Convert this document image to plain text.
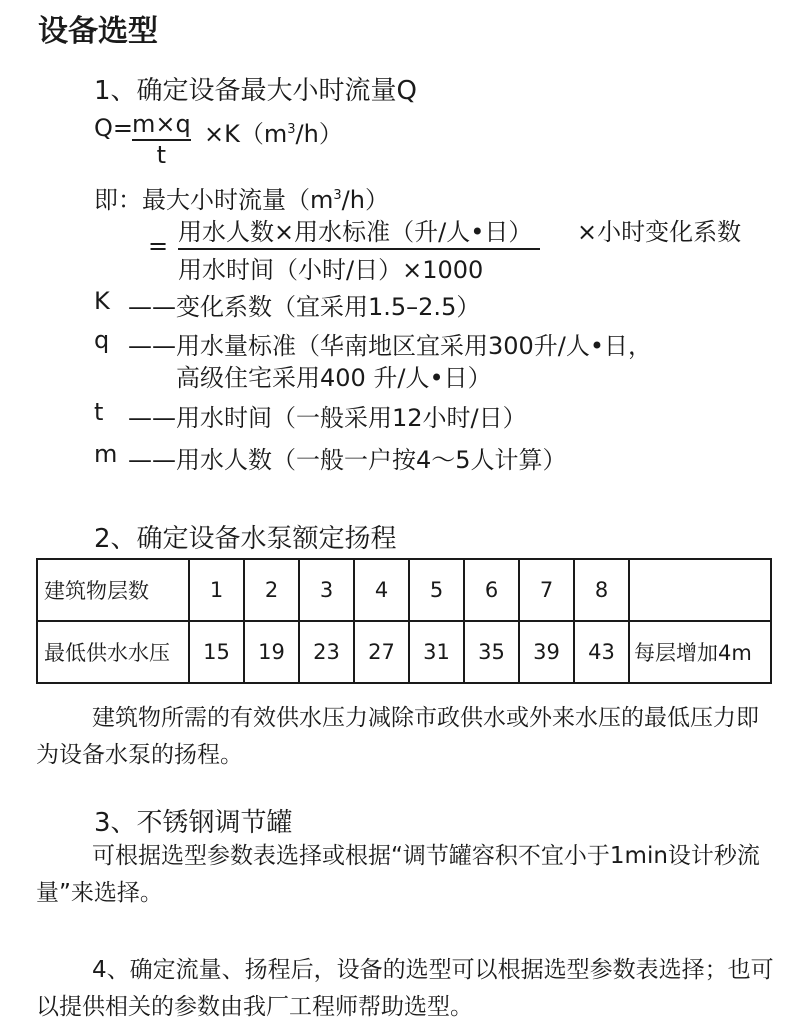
设备选型
1、确定设备最大小时流量Q
$Q= \frac{m\times q}{t} \times K(m^3/h)$
即：最大小时流量$(m^3/h)$
= 用水人数×用水标准（升/人•日）
用水时间（小时/日）×1000
×小时变化系数
K ——变化系数（宜采用1.5–2.5）
q ——用水量标准（华南地区宜采用300升/人•日，
高级住宅采用400 升/人•日）
t ——用水时间（一般采用12小时/日）
m ——用水人数（一般一户按4～5人计算）
2、确定设备水泵额定扬程
建筑物层数	1	2	3	4	5	6	7	8	
最低供水水压	15	19	23	27	31	35	39	43	每层增加4m
建筑物所需的有效供水压力减除市政供水或外来水压的最低压力即为设备水泵的扬程。
3、不锈钢调节罐
可根据选型参数表选择或根据“调节罐容积不宜小于1min设计秒流量”来选择。
4、确定流量、扬程后，设备的选型可以根据选型参数表选择；也可以提供相关的参数由我厂工程师帮助选型。
